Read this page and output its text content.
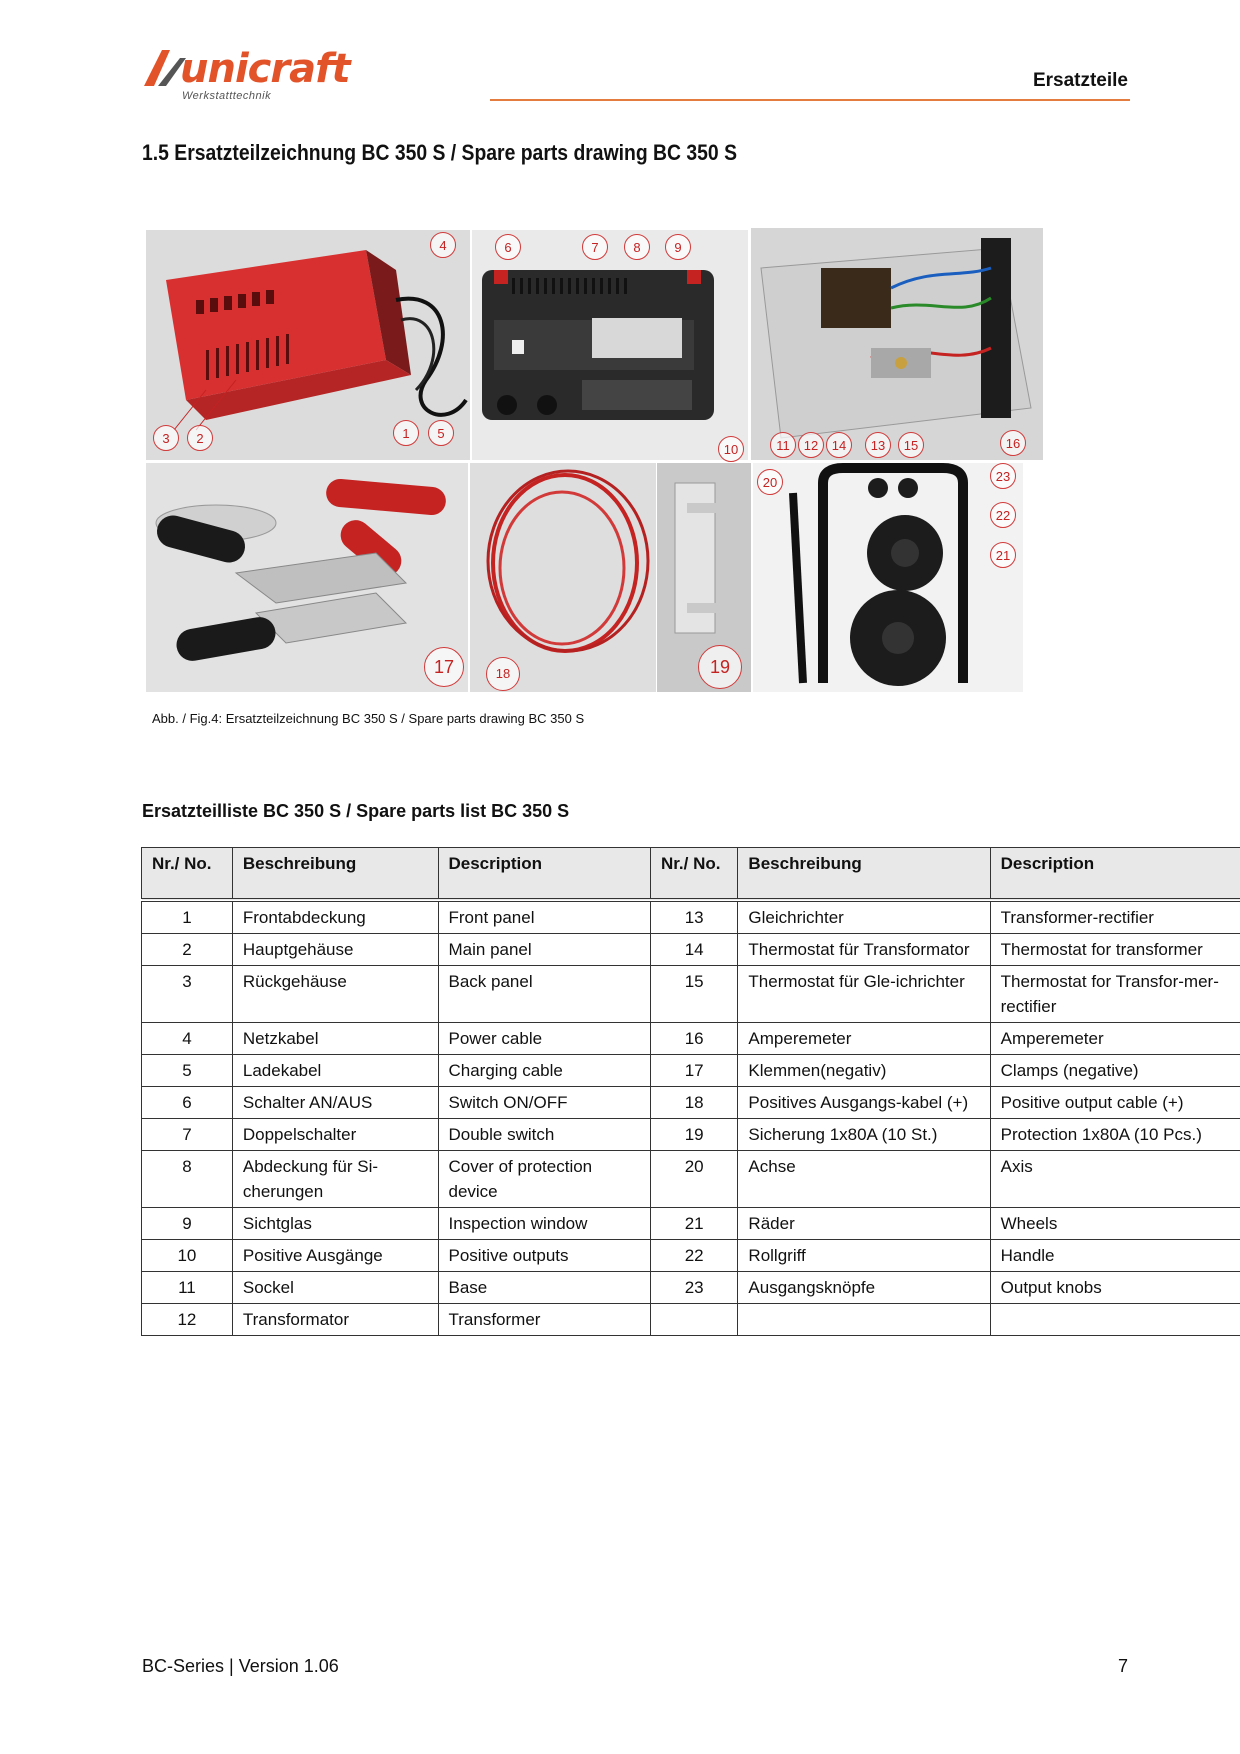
unicraft
Werkstatttechnik
Ersatzteile
1.5 Ersatzteilzeichnung BC 350 S / Spare parts drawing BC 350 S
4
3	2	1	5
6	7	8	9
10	11	12	14	13	15	16
17	18	19
20	23
22
21
Abb. / Fig.4: Ersatzteilzeichnung BC 350 S / Spare parts drawing BC 350 S
Ersatzteilliste BC 350 S / Spare parts list BC 350 S
Nr./ No.	Beschreibung	Description	Nr./ No.	Beschreibung	Description
1	Frontabdeckung	Front panel	13	Gleichrichter	Transformer-rectifier
2	Hauptgehäuse	Main panel	14	Thermostat für Transformator	Thermostat for transformer
3	Rückgehäuse	Back panel	15	Thermostat für Gle-ichrichter	Thermostat for Transfor-mer-rectifier
4	Netzkabel	Power cable	16	Amperemeter	Amperemeter
5	Ladekabel	Charging cable	17	Klemmen(negativ)	Clamps (negative)
6	Schalter AN/AUS	Switch ON/OFF	18	Positives Ausgangs-kabel (+)	Positive output cable (+)
7	Doppelschalter	Double switch	19	Sicherung 1x80A (10 St.)	Protection 1x80A (10 Pcs.)
8	Abdeckung für Si-cherungen	Cover of protection device	20	Achse	Axis
9	Sichtglas	Inspection window	21	Räder	Wheels
10	Positive Ausgänge	Positive outputs	22	Rollgriff	Handle
11	Sockel	Base	23	Ausgangsknöpfe	Output knobs
12	Transformator	Transformer			
BC-Series | Version 1.06	7
